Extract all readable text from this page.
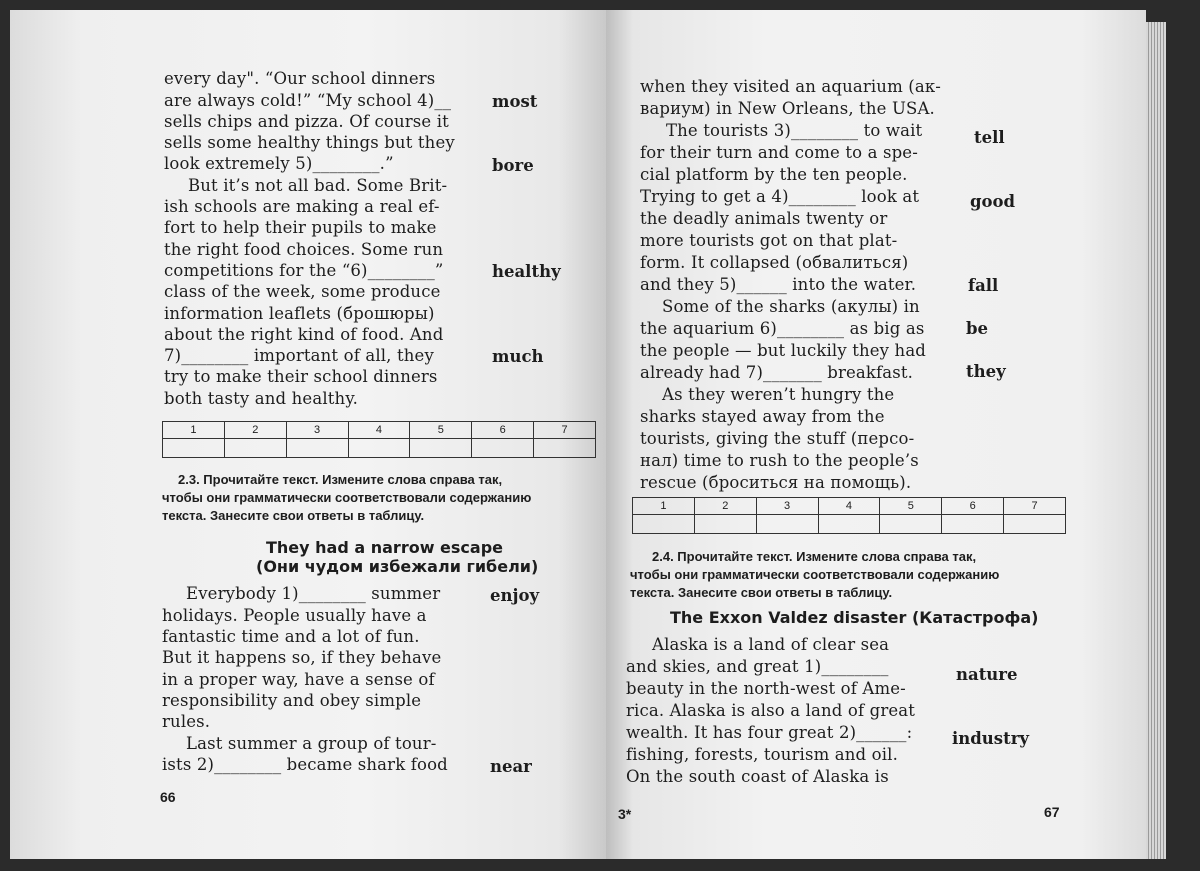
every day". “Our school dinners
are always cold!” “My school 4)__
sells chips and pizza. Of course it
sells some healthy things but they
look extremely 5)________.”
But it’s not all bad. Some Brit-
ish schools are making a real ef-
fort to help their pupils to make
the right food choices. Some run
competitions for the “6)________”
class of the week, some produce
information leaflets (брошюры)
about the right kind of food. And
7)________ important of all, they
try to make their school dinners
both tasty and healthy.
most
bore
healthy
much
1	2	3	4	5	6	7

2.3. Прочитайте текст. Измените слова справа так,
чтобы они грамматически соответствовали содержанию
текста. Занесите свои ответы в таблицу.
They had a narrow escape
(Они чудом избежали гибели)
Everybody 1)________ summer
holidays. People usually have a
fantastic time and a lot of fun.
But it happens so, if they behave
in a proper way, have a sense of
responsibility and obey simple
rules.
Last summer a group of tour-
ists 2)________ became shark food
enjoy
near
66
when they visited an aquarium (ак-
вариум) in New Orleans, the USA.
The tourists 3)________ to wait
for their turn and come to a spe-
cial platform by the ten people.
Trying to get a 4)________ look at
the deadly animals twenty or
more tourists got on that plat-
form. It collapsed (обвалиться)
and they 5)______ into the water.
Some of the sharks (акулы) in
the aquarium 6)________ as big as
the people — but luckily they had
already had 7)_______ breakfast.
As they weren’t hungry the
sharks stayed away from the
tourists, giving the stuff (персо-
нал) time to rush to the people’s
rescue (броситься на помощь).
tell
good
fall
be
they
1	2	3	4	5	6	7

2.4. Прочитайте текст. Измените слова справа так,
чтобы они грамматически соответствовали содержанию
текста. Занесите свои ответы в таблицу.
The Exxon Valdez disaster (Катастрофа)
Alaska is a land of clear sea
and skies, and great 1)________
beauty in the north-west of Ame-
rica. Alaska is also a land of great
wealth. It has four great 2)______:
fishing, forests, tourism and oil.
On the south coast of Alaska is
nature
industry
3*	67
